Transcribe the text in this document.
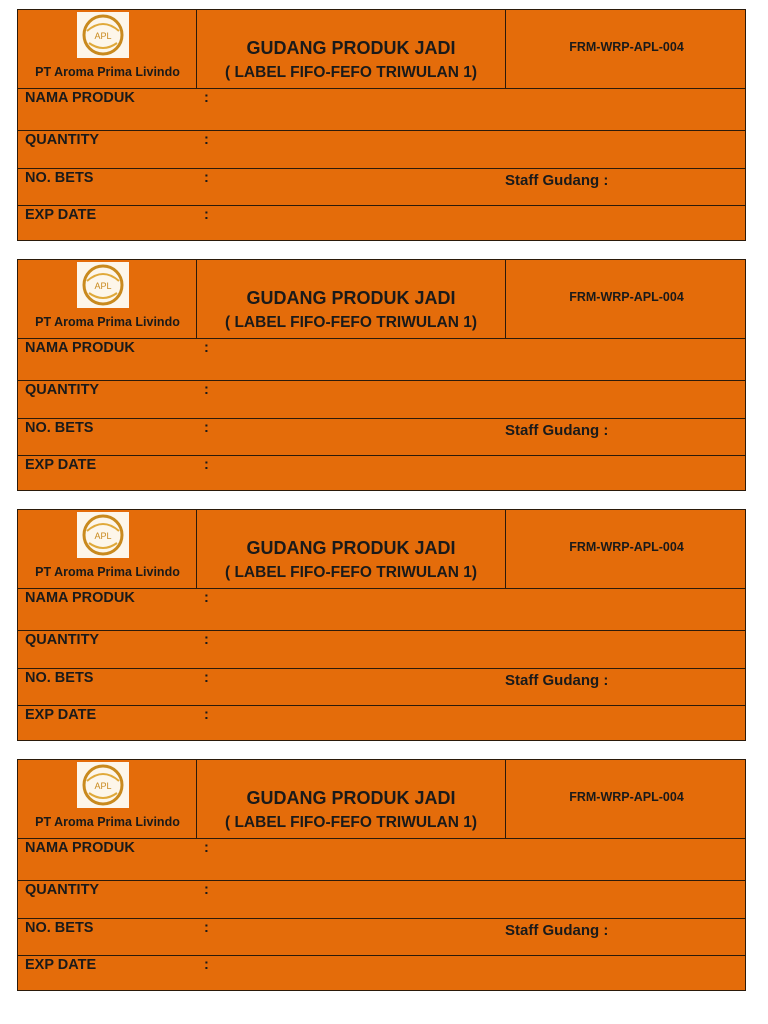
APL
PT Aroma Prima Livindo
GUDANG PRODUK JADI
( LABEL FIFO-FEFO TRIWULAN 1)
FRM-WRP-APL-004
NAMA PRODUK	:
QUANTITY	:
NO. BETS	:	Staff Gudang :
EXP DATE	:
APL
PT Aroma Prima Livindo
GUDANG PRODUK JADI
( LABEL FIFO-FEFO TRIWULAN 1)
FRM-WRP-APL-004
NAMA PRODUK	:
QUANTITY	:
NO. BETS	:	Staff Gudang :
EXP DATE	:
APL
PT Aroma Prima Livindo
GUDANG PRODUK JADI
( LABEL FIFO-FEFO TRIWULAN 1)
FRM-WRP-APL-004
NAMA PRODUK	:
QUANTITY	:
NO. BETS	:	Staff Gudang :
EXP DATE	:
APL
PT Aroma Prima Livindo
GUDANG PRODUK JADI
( LABEL FIFO-FEFO TRIWULAN 1)
FRM-WRP-APL-004
NAMA PRODUK	:
QUANTITY	:
NO. BETS	:	Staff Gudang :
EXP DATE	:
